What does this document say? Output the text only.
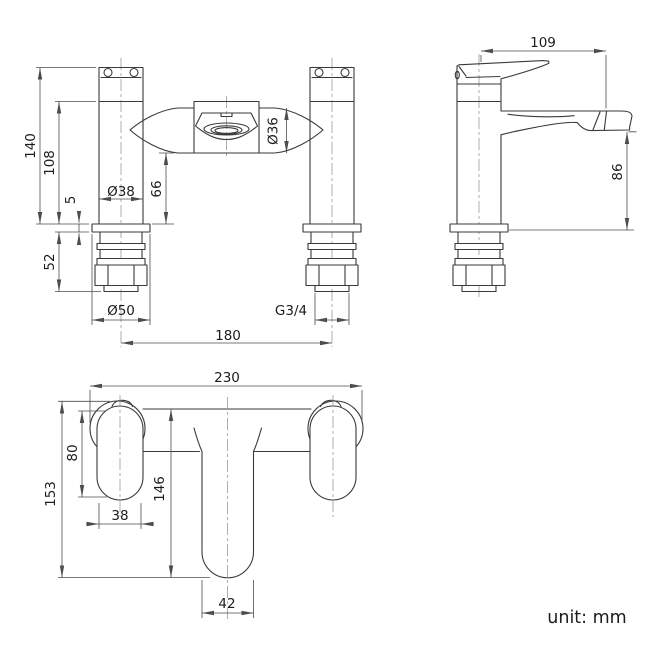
140
108
5
52
Ø38 66
Ø36
Ø50	G3/4
180
109
86
230
153
80
38
146
42
unit: mm
